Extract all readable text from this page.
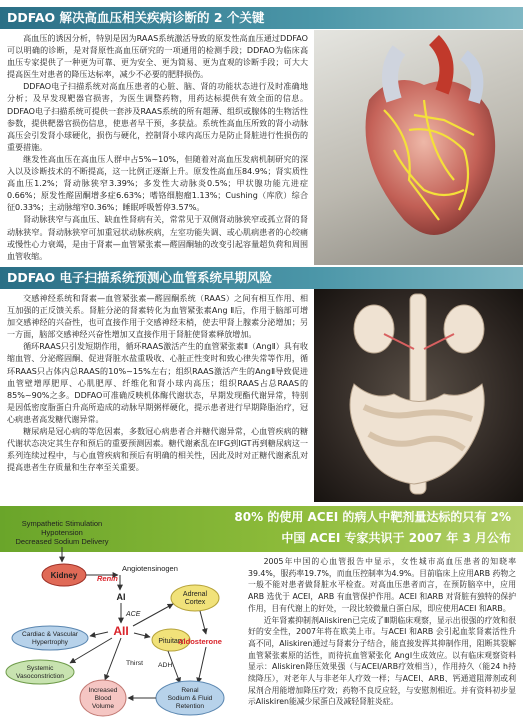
DDFAO 解决高血压相关疾病诊断的 2 个关键

高血压的诱因分析，特别是因为RAAS系统激活导致的原发性高血压通过DDFAO可以明确的诊断，是对肾原性高血压研究的一项通用的检测手段；DDFAO为临床高血压专家提供了一种更为可靠、更为安全、更为简易、更为直观的诊断手段；可大大提高医生对患者的降压达标率，减少不必要的肥胖损伤。

DDFAO电子扫描系统对高血压患者的心脏、脑、肾的功能状态进行及时准确地分析；及早发现靶器官损害，为医生调整药物，用药达标提供有效全面的信息。DDFAO电子扫描系统可提供一套涉及RAAS系统的所有超薄、组织或腺体的生物活性参数，提供靶器官损伤信息，使患者早干预，多获益。系统性高血压所致的肾小动脉高压会引发肾小球硬化，损伤与硬化，控制肾小球内高压力是防止肾脏进行性损伤的重要措施。

继发性高血压在高血压人群中占5%~10%，但随着对高血压发病机制研究的深入以及诊断技术的不断提高，这一比例正逐渐上升。原发性高血压84.9%；肾实质性高血压1.2%；肾动脉狭窄3.39%；多发性大动脉炎0.5%；甲状腺功能亢进症0.66%；原发性醛固酮增多症6.63%；嗜铬细胞瘤1.13%；Cushing（库欣）综合征0.33%；主动脉缩窄0.36%；睡眠呼吸暂停3.57%。

肾动脉狭窄与高血压、缺血性肾病有关，常常见于双侧肾动脉狭窄或孤立肾的肾动脉狭窄。肾动脉狭窄可加重冠状动脉疾病，左室功能失调、或心肌病患者的心绞痛或慢性心力衰竭，是由于肾素—血管紧张素—醛固酮轴的改变引起容量超负荷和周围血管收缩。

DDFAO 电子扫描系统预测心血管系统早期风险

交感神经系统和肾素—血管紧张素—醛固酮系统（RAAS）之间有相互作用、相互加强的正反馈关系。肾脏分泌的肾素转化为血管紧张素Ang Ⅱ后，作用于脑部可增加交感神经的兴奋性，也可直接作用于交感神经末梢，使去甲肾上腺素分泌增加；另一方面，脑部交感神经兴奋性增加又直接作用于肾脏使肾素释放增加。

循环RAAS只引发短期作用，循环RAAS激活产生的血管紧张素Ⅱ（AngⅡ）具有收缩血管、分泌醛固酮、促进肾脏水盐重吸收、心脏正性变时和致心律失常等作用，循环RAAS只占体内总RAAS的10%~15%左右；组织RAAS激活产生的AngⅡ导致促进血管壁增厚肥厚、心肌肥厚、纤维化和肾小球内高压；组织RAAS占总RAAS的85%~90%之多。DDFAO可准确反映机体酶代谢状态，早期发现酯代谢异常，特别是因低密度脂蛋白升高所造成的动脉早期粥样硬化，提示患者进行早期降脂治疗，冠心病患者高发糖代谢异常。

糖尿病是冠心病的等危因素，多数冠心病患者合并糖代谢异常，心血管疾病的糖代谢状态决定其生存和预后的重要预测因素。糖代谢紊乱在IFG到IGT再到糖尿病这一系列连续过程中，与心血管疾病和预后有明确的相关性，因此及时对正糖代谢紊乱对提高患者生存质量和生存率至关重要。

80% 的使用 ACEI 的病人中靶剂量达标的只有 2%
中国 ACEI 专家共识于 2007 年 3 月公布

2005年中国的心血管报告中显示，女性城市高血压患者的知晓率39.4%，服药率19.7%，而血压控制率为4.9%。目前临床上应用ARB 药物之一般不能对患者做肾脏水平检查。对高血压患者而言，在预防脑卒中，应用ARB 选优于 ACEI，ARB 有血管保护作用。ACEI 和ARB 对肾脏有独特的保护作用，目有代谢上的好处，一段比较微量白蛋白尿，即应使用ACEI 和ARB。

近年肾素抑制剂Aliskiren已完成了Ⅲ期临床观察，显示出很强的疗效和很好的安全性，2007年将在欧美上市。与ACEI 和ARB 会引起血浆肾素活性升高不同，Aliskiren通过与肾素分子结合，能直接发挥其抑制作用，阻断其裂解血管紧张素原的活性，而待抗血管紧张化 AngⅠ生成效应。以有临床观察资料显示：Aliskiren降压效果强（与ACEI/ARB疗效相当），作用持久（能24 h持续降压），对老年人与非老年人疗效一样；与ACEI、ARB、钙通道阻滞剂或利尿剂合用能增加降压疗效；药物不良反应轻，与安慰剂相近。并有资料初步显示Aliskiren能减少尿蛋白及减轻肾脏炎症。

Sympathetic Stimulation
Hypotension
Decreased Sodium Delivery
Kidney	Renin
Angiotensinogen
AI
ACE
AII
Adrenal Cortex
Pituitary
Aldosterone
Cardiac & Vascular Hypertrophy
Systemic Vasoconstriction
Thirst ADH
Increased Blood Volume
Renal Sodium & Fluid Retention
